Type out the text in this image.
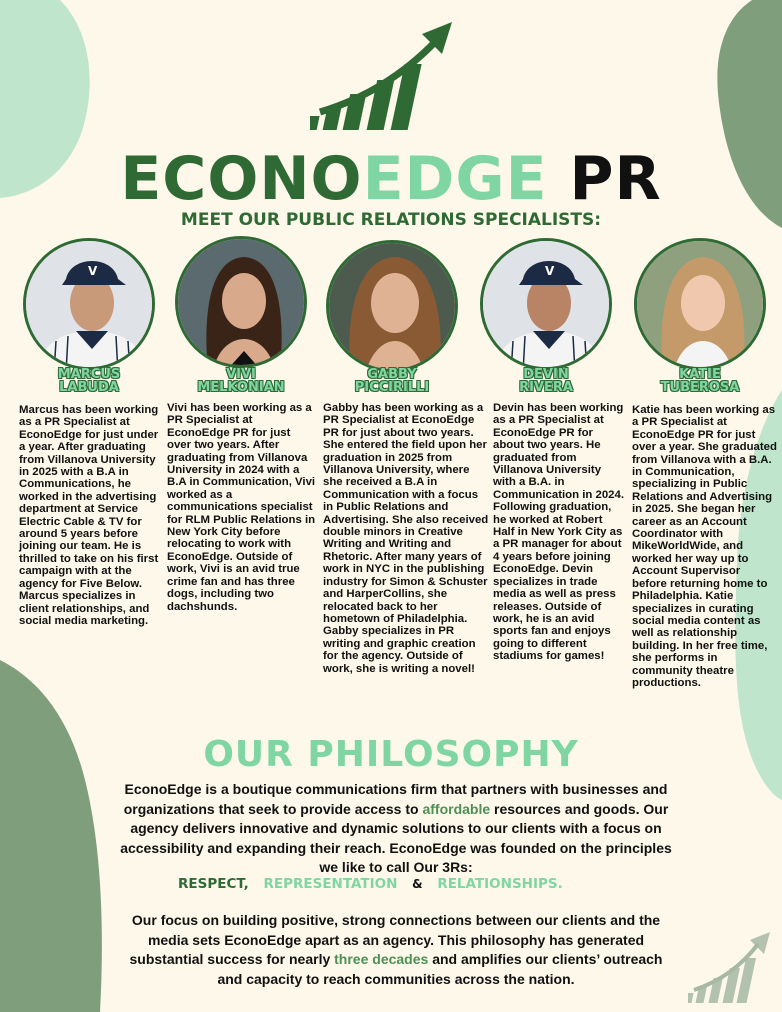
ECONOEDGE PR
MEET OUR PUBLIC RELATIONS SPECIALISTS:
V	V
MARCUS
LABUDA
VIVI
MELKONIAN
GABBY
PICCIRILLI
DEVIN
RIVERA
KATIE
TUBEROSA

Marcus has been working as a PR Specialist at EconoEdge for just under a year. After graduating from Villanova University in 2025 with a B.A in Communications, he worked in the advertising department at Service Electric Cable & TV for around 5 years before joining our team. He is thrilled to take on his first campaign with at the agency for Five Below. Marcus specializes in client relationships, and social media marketing.

Vivi has been working as a PR Specialist at EconoEdge PR for just over two years. After graduating from Villanova University in 2024 with a B.A in Communication, Vivi worked as a communications specialist for RLM Public Relations in New York City before relocating to work with EconoEdge. Outside of work, Vivi is an avid true crime fan and has three dogs, including two dachshunds.

Gabby has been working as a PR Specialist at EconoEdge PR for just about two years. She entered the field upon her graduation in 2025 from Villanova University, where she received a B.A in Communication with a focus in Public Relations and Advertising. She also received double minors in Creative Writing and Writing and Rhetoric. After many years of work in NYC in the publishing industry for Simon & Schuster and HarperCollins, she relocated back to her hometown of Philadelphia. Gabby specializes in PR writing and graphic creation for the agency. Outside of work, she is writing a novel!

Devin has been working as a PR Specialist at EconoEdge PR for about two years. He graduated from Villanova University with a B.A. in Communication in 2024. Following graduation, he worked at Robert Half in New York City as a PR manager for about 4 years before joining EconoEdge. Devin specializes in trade media as well as press releases. Outside of work, he is an avid sports fan and enjoys going to different stadiums for games!

Katie has been working as a PR Specialist at EconoEdge PR for just over a year. She graduated from Villanova with a B.A. in Communication, specializing in Public Relations and Advertising in 2025. She began her career as an Account Coordinator with MikeWorldWide, and worked her way up to Account Supervisor before returning home to Philadelphia. Katie specializes in curating social media content as well as relationship building. In her free time, she performs in community theatre productions.

OUR PHILOSOPHY

EconoEdge is a boutique communications firm that partners with businesses and organizations that seek to provide access to affordable resources and goods. Our agency delivers innovative and dynamic solutions to our clients with a focus on accessibility and expanding their reach. EconoEdge was founded on the principles we like to call Our 3Rs:

RESPECT, REPRESENTATION & RELATIONSHIPS.

Our focus on building positive, strong connections between our clients and the media sets EconoEdge apart as an agency. This philosophy has generated substantial success for nearly three decades and amplifies our clients’ outreach and capacity to reach communities across the nation.
